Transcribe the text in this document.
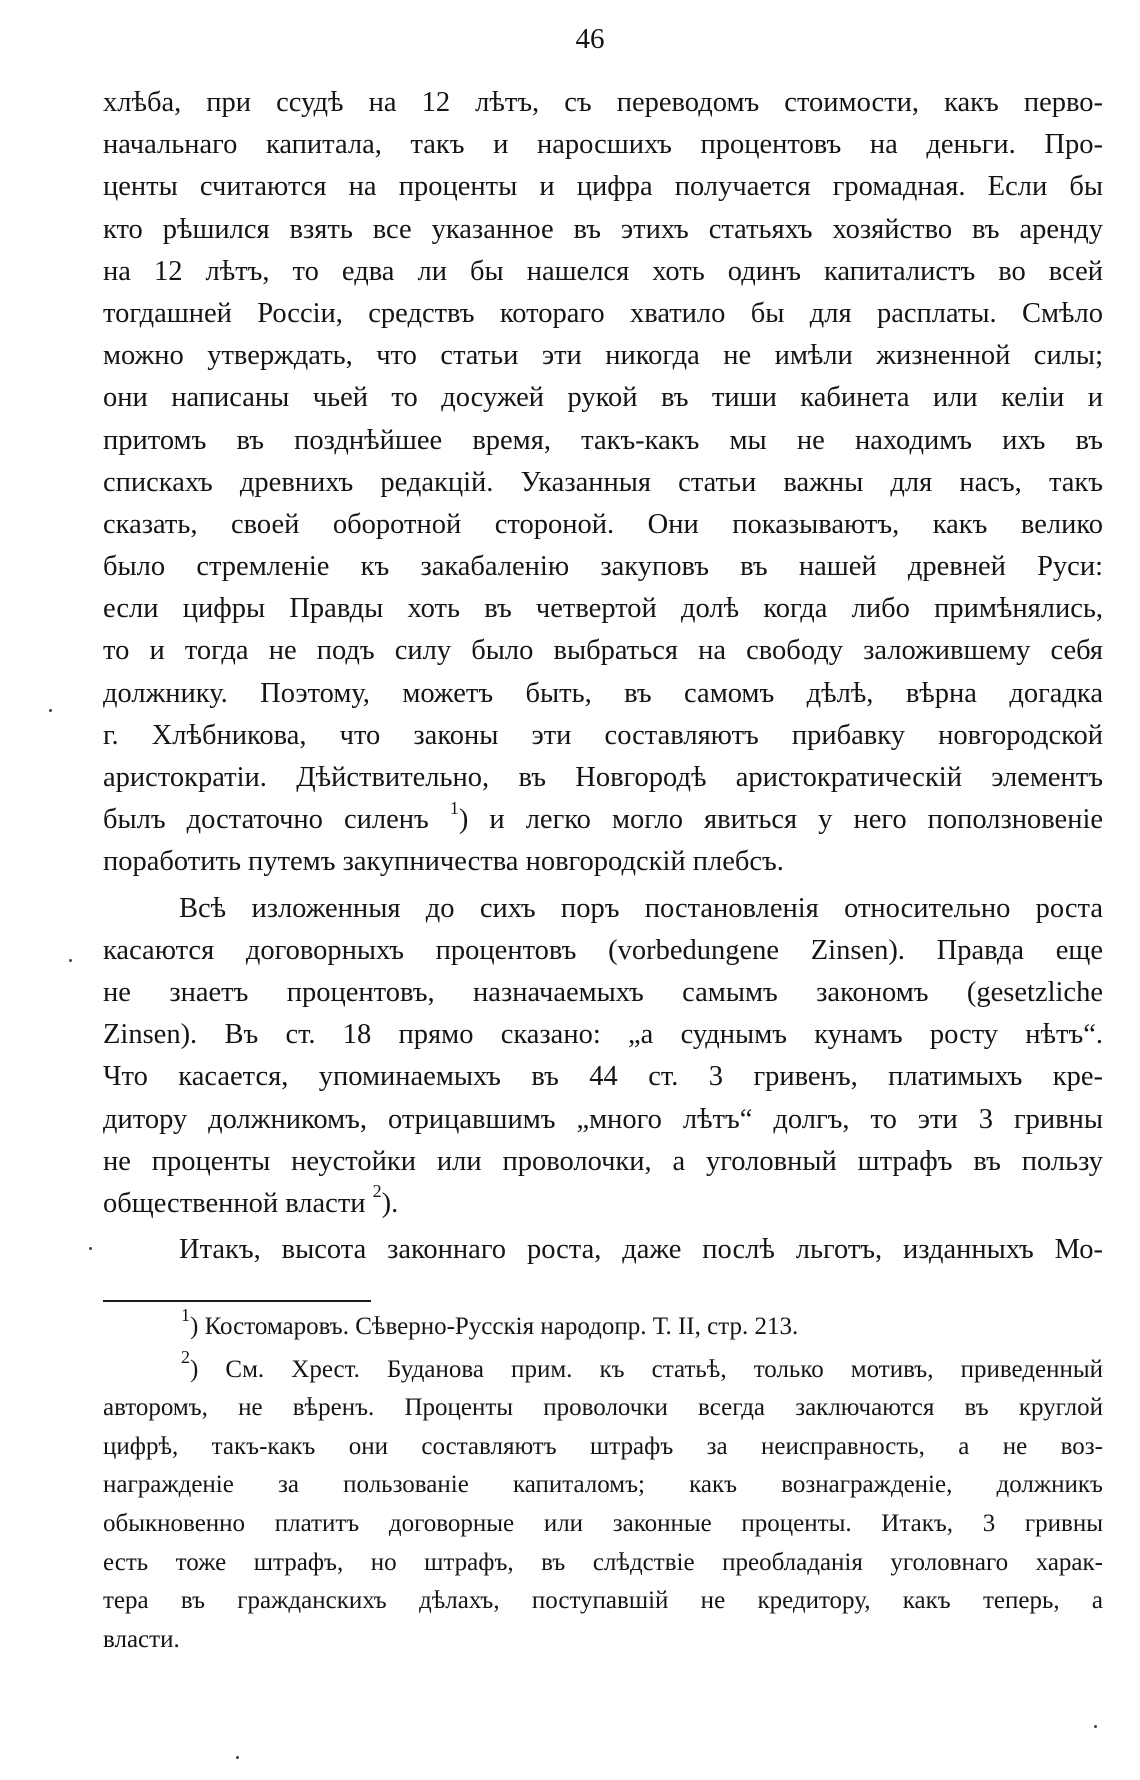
46
хлѣба, при ссудѣ на 12 лѣтъ, съ переводомъ стоимости, какъ перво-
начальнаго капитала, такъ и наросшихъ процентовъ на деньги. Про-
центы считаются на проценты и цифра получается громадная. Если бы
кто рѣшился взять все указанное въ этихъ статьяхъ хозяйство въ аренду
на 12 лѣтъ, то едва ли бы нашелся хоть одинъ капиталистъ во всей
тогдашней Россіи, средствъ котораго хватило бы для расплаты. Смѣло
можно утверждать, что статьи эти никогда не имѣли жизненной силы;
они написаны чьей то досужей рукой въ тиши кабинета или келіи и
притомъ въ позднѣйшее время, такъ-какъ мы не находимъ ихъ въ
спискахъ древнихъ редакцій. Указанныя статьи важны для насъ, такъ
сказать, своей оборотной стороной. Они показываютъ, какъ велико
было стремленіе къ закабаленію закуповъ въ нашей древней Руси:
если цифры Правды хоть въ четвертой долѣ когда либо примѣнялись,
то и тогда не подъ силу было выбраться на свободу заложившему себя
должнику. Поэтому, можетъ быть, въ самомъ дѣлѣ, вѣрна догадка
г. Хлѣбникова, что законы эти составляютъ прибавку новгородской
аристократіи. Дѣйствительно, въ Новгородѣ аристократическій элементъ
былъ достаточно силенъ $^1$) и легко могло явиться у него поползновеніе
поработить путемъ закупничества новгородскій плебсъ.
Всѣ изложенныя до сихъ поръ постановленія относительно роста
касаются договорныхъ процентовъ (vorbedungene Zinsen). Правда еще
не знаетъ процентовъ, назначаемыхъ самымъ закономъ (gesetzliche
Zinsen). Въ ст. 18 прямо сказано: „а суднымъ кунамъ росту нѣтъ“.
Что касается, упоминаемыхъ въ 44 ст. 3 гривенъ, платимыхъ кре-
дитору должникомъ, отрицавшимъ „много лѣтъ“ долгъ, то эти 3 гривны
не проценты неустойки или проволочки, а уголовный штрафъ въ пользу
общественной власти $^2$).
Итакъ, высота законнаго роста, даже послѣ льготъ, изданныхъ Мо-
$^1$) Костомаровъ. Сѣверно-Русскія народопр. Т. II, стр. 213.
$^2$) См. Хрест. Буданова прим. къ статьѣ, только мотивъ, приведенный
авторомъ, не вѣренъ. Проценты проволочки всегда заключаются въ круглой
цифрѣ, такъ-какъ они составляютъ штрафъ за неисправность, а не воз-
награжденіе за пользованіе капиталомъ; какъ вознагражденіе, должникъ
обыкновенно платитъ договорные или законные проценты. Итакъ, 3 гривны
есть тоже штрафъ, но штрафъ, въ слѣдствіе преобладанія уголовнаго харак-
тера въ гражданскихъ дѣлахъ, поступавшій не кредитору, какъ теперь, а
власти.
